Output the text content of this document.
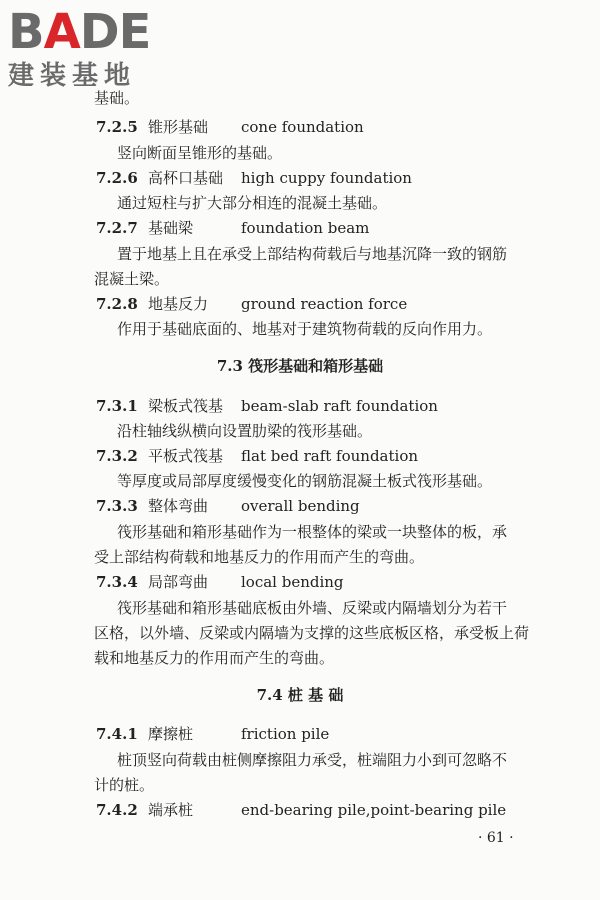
BADE
建装基地
基础。
7.2.5 锥形基础 cone foundation
竖向断面呈锥形的基础。
7.2.6 高杯口基础 high cuppy foundation
通过短柱与扩大部分相连的混凝土基础。
7.2.7 基础梁	foundation beam
置于地基上且在承受上部结构荷载后与地基沉降一致的钢筋
混凝土梁。
7.2.8 地基反力 ground reaction force
作用于基础底面的、地基对于建筑物荷载的反向作用力。
7.3 筏形基础和箱形基础
7.3.1 梁板式筏基 beam-slab raft foundation
沿柱轴线纵横向设置肋梁的筏形基础。
7.3.2 平板式筏基 flat bed raft foundation
等厚度或局部厚度缓慢变化的钢筋混凝土板式筏形基础。
7.3.3 整体弯曲 overall bending
筏形基础和箱形基础作为一根整体的梁或一块整体的板，承
受上部结构荷载和地基反力的作用而产生的弯曲。
7.3.4 局部弯曲 local bending
筏形基础和箱形基础底板由外墙、反梁或内隔墙划分为若干
区格，以外墙、反梁或内隔墙为支撑的这些底板区格，承受板上荷
载和地基反力的作用而产生的弯曲。
7.4 桩 基 础
7.4.1 摩擦桩	friction pile
桩顶竖向荷载由桩侧摩擦阻力承受，桩端阻力小到可忽略不
计的桩。
7.4.2 端承桩	end-bearing pile,point-bearing pile
· 61 ·
